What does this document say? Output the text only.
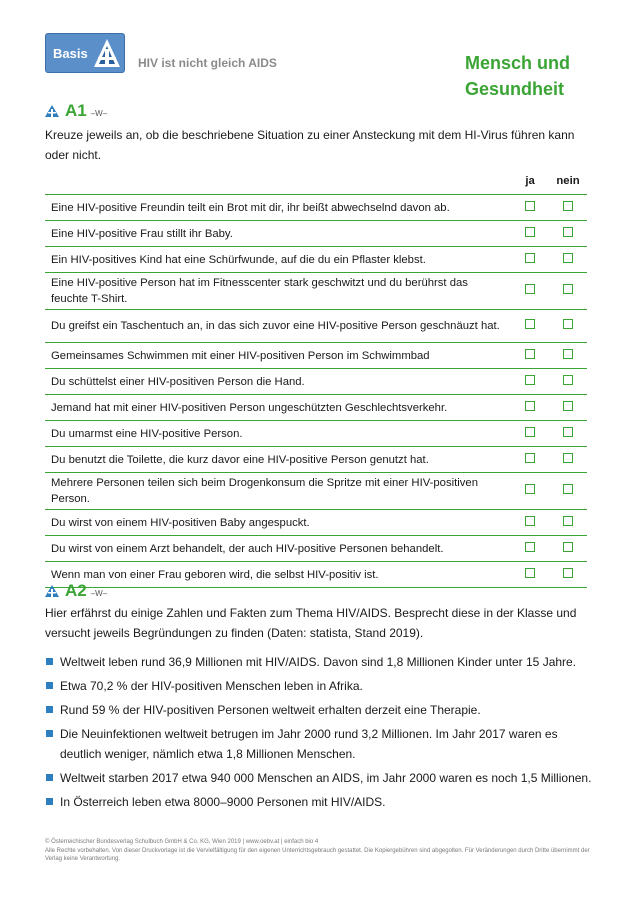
Basis
HIV ist nicht gleich AIDS	Mensch und
Gesundheit
A1 –W–
Kreuze jeweils an, ob die beschriebene Situation zu einer Ansteckung mit dem HI-Virus führen kann oder nicht.
	ja	nein
Eine HIV-positive Freundin teilt ein Brot mit dir, ihr beißt abwechselnd davon ab.		
Eine HIV-positive Frau stillt ihr Baby.		
Ein HIV-positives Kind hat eine Schürfwunde, auf die du ein Pflaster klebst.		
Eine HIV-positive Person hat im Fitnesscenter stark geschwitzt und du berührst das feuchte T-Shirt.		
Du greifst ein Taschentuch an, in das sich zuvor eine HIV-positive Person geschnäuzt hat.		
Gemeinsames Schwimmen mit einer HIV-positiven Person im Schwimmbad		
Du schüttelst einer HIV-positiven Person die Hand.		
Jemand hat mit einer HIV-positiven Person ungeschützten Geschlechtsverkehr.		
Du umarmst eine HIV-positive Person.		
Du benutzt die Toilette, die kurz davor eine HIV-positive Person genutzt hat.		
Mehrere Personen teilen sich beim Drogenkonsum die Spritze mit einer HIV-positiven Person.		
Du wirst von einem HIV-positiven Baby angespuckt.		
Du wirst von einem Arzt behandelt, der auch HIV-positive Personen behandelt.		
Wenn man von einer Frau geboren wird, die selbst HIV-positiv ist.		
A2 –W–
Hier erfährst du einige Zahlen und Fakten zum Thema HIV/AIDS. Besprecht diese in der Klasse und versucht jeweils Begründungen zu finden (Daten: statista, Stand 2019).
Weltweit leben rund 36,9 Millionen mit HIV/AIDS. Davon sind 1,8 Millionen Kinder unter 15 Jahre.
Etwa 70,2 % der HIV-positiven Menschen leben in Afrika.
Rund 59 % der HIV-positiven Personen weltweit erhalten derzeit eine Therapie.
Die Neuinfektionen weltweit betrugen im Jahr 2000 rund 3,2 Millionen. Im Jahr 2017 waren es deutlich weniger, nämlich etwa 1,8 Millionen Menschen.
Weltweit starben 2017 etwa 940 000 Menschen an AIDS, im Jahr 2000 waren es noch 1,5 Millionen.
In Österreich leben etwa 8000–9000 Personen mit HIV/AIDS.
© Österreichischer Bundesverlag Schulbuch GmbH & Co. KG, Wien 2019 | www.oebv.at | einfach bio 4
Alle Rechte vorbehalten. Von dieser Druckvorlage ist die Vervielfältigung für den eigenen Unterrichtsgebrauch gestattet. Die Kopiergebühren sind abgegolten. Für Veränderungen durch Dritte übernimmt der Verlag keine Verantwortung.
